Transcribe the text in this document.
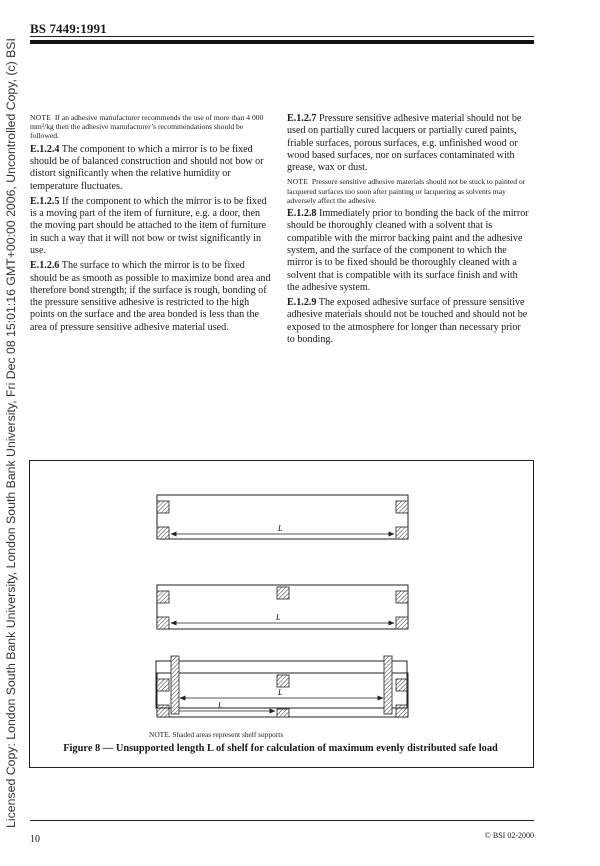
Licensed Copy: London South Bank University, London South Bank University, Fri Dec 08 15:01:16 GMT+00:00 2006, Uncontrolled Copy, (c) BSI
BS 7449:1991

NOTE If an adhesive manufacturer recommends the use of more than 4 000 mm²/kg then the adhesive manufacturer’s recommendations should be followed.

E.1.2.4 The component to which a mirror is to be fixed should be of balanced construction and should not bow or distort significantly when the relative humidity or temperature fluctuates.

E.1.2.5 If the component to which the mirror is to be fixed is a moving part of the item of furniture, e.g. a door, then the moving part should be attached to the item of furniture in such a way that it will not bow or twist significantly in use.

E.1.2.6 The surface to which the mirror is to be fixed should be as smooth as possible to maximize bond area and therefore bond strength; if the surface is rough, bonding of the pressure sensitive adhesive is restricted to the high points on the surface and the area bonded is less than the area of pressure sensitive adhesive material used.

E.1.2.7 Pressure sensitive adhesive material should not be used on partially cured lacquers or partially cured paints, friable surfaces, porous surfaces, e.g. unfinished wood or wood based surfaces, nor on surfaces contaminated with grease, wax or dust.

NOTE Pressure sensitive adhesive materials should not be stuck to painted or lacquered surfaces too soon after painting or lacquering as solvents may adversely affect the adhesive.

E.1.2.8 Immediately prior to bonding the back of the mirror should be thoroughly cleaned with a solvent that is compatible with the mirror backing paint and the adhesive system, and the surface of the component to which the mirror is to be fixed should be thoroughly cleaned with a solvent that is compatible with its surface finish and with the adhesive system.

E.1.2.9 The exposed adhesive surface of pressure sensitive adhesive materials should not be touched and should not be exposed to the atmosphere for longer than necessary prior to bonding.

L
L
L
L
NOTE. Shaded areas represent shelf supports
Figure 8 — Unsupported length L of shelf for calculation of maximum evenly distributed safe load
10	© BSI 02-2000
